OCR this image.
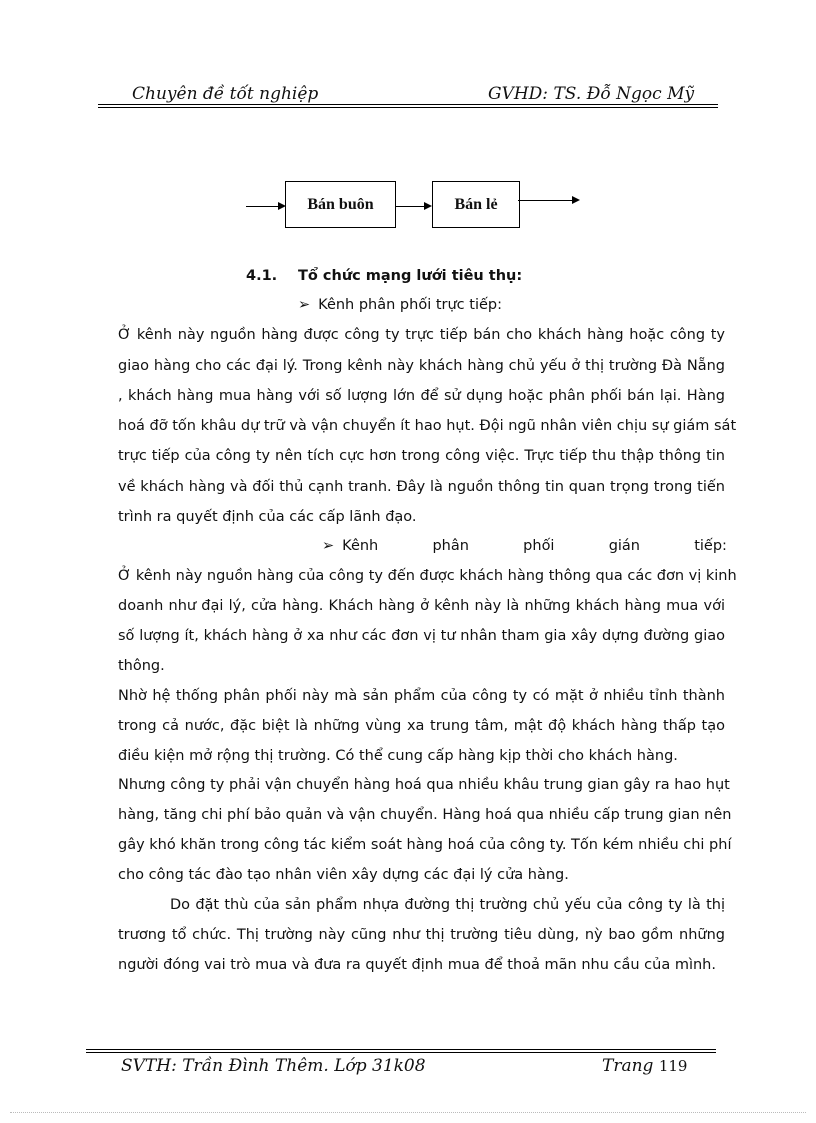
Chuyên đề tốt nghiệp	GVHD: TS. Đỗ Ngọc Mỹ
Bán buôn	Bán lẻ
4.1. Tổ chức mạng lưới tiêu thụ:
➢ Kênh phân phối trực tiếp:
Ở kênh này nguồn hàng được công ty trực tiếp bán cho khách hàng hoặc công ty
giao hàng cho các đại lý. Trong kênh này khách hàng chủ yếu ở thị trường Đà Nẵng
, khách hàng mua hàng với số lượng lớn để sử dụng hoặc phân phối bán lại. Hàng
hoá đỡ tốn khâu dự trữ và vận chuyển ít hao hụt. Đội ngũ nhân viên chịu sự giám sát
trực tiếp của công ty nên tích cực hơn trong công việc. Trực tiếp thu thập thông tin
về khách hàng và đối thủ cạnh tranh. Đây là nguồn thông tin quan trọng trong tiến
trình ra quyết định của các cấp lãnh đạo.
➢ Kênh	phân	phối	gián	tiếp:
Ở kênh này nguồn hàng của công ty đến được khách hàng thông qua các đơn vị kinh
doanh như đại lý, cửa hàng. Khách hàng ở kênh này là những khách hàng mua với
số lượng ít, khách hàng ở xa như các đơn vị tư nhân tham gia xây dựng đường giao
thông.
Nhờ hệ thống phân phối này mà sản phẩm của công ty có mặt ở nhiều tỉnh thành
trong cả nước, đặc biệt là những vùng xa trung tâm, mật độ khách hàng thấp tạo
điều kiện mở rộng thị trường. Có thể cung cấp hàng kịp thời cho khách hàng.
Nhưng công ty phải vận chuyển hàng hoá qua nhiều khâu trung gian gây ra hao hụt
hàng, tăng chi phí bảo quản và vận chuyển. Hàng hoá qua nhiều cấp trung gian nên
gây khó khăn trong công tác kiểm soát hàng hoá của công ty. Tốn kém nhiều chi phí
cho công tác đào tạo nhân viên xây dựng các đại lý cửa hàng.
Do đặt thù của sản phẩm nhựa đường thị trường chủ yếu của công ty là thị
trương tổ chức. Thị trường này cũng như thị trường tiêu dùng, nỳ bao gồm những
người đóng vai trò mua và đưa ra quyết định mua để thoả mãn nhu cầu của mình.
SVTH: Trần Đình Thêm. Lớp 31k08	Trang 119
